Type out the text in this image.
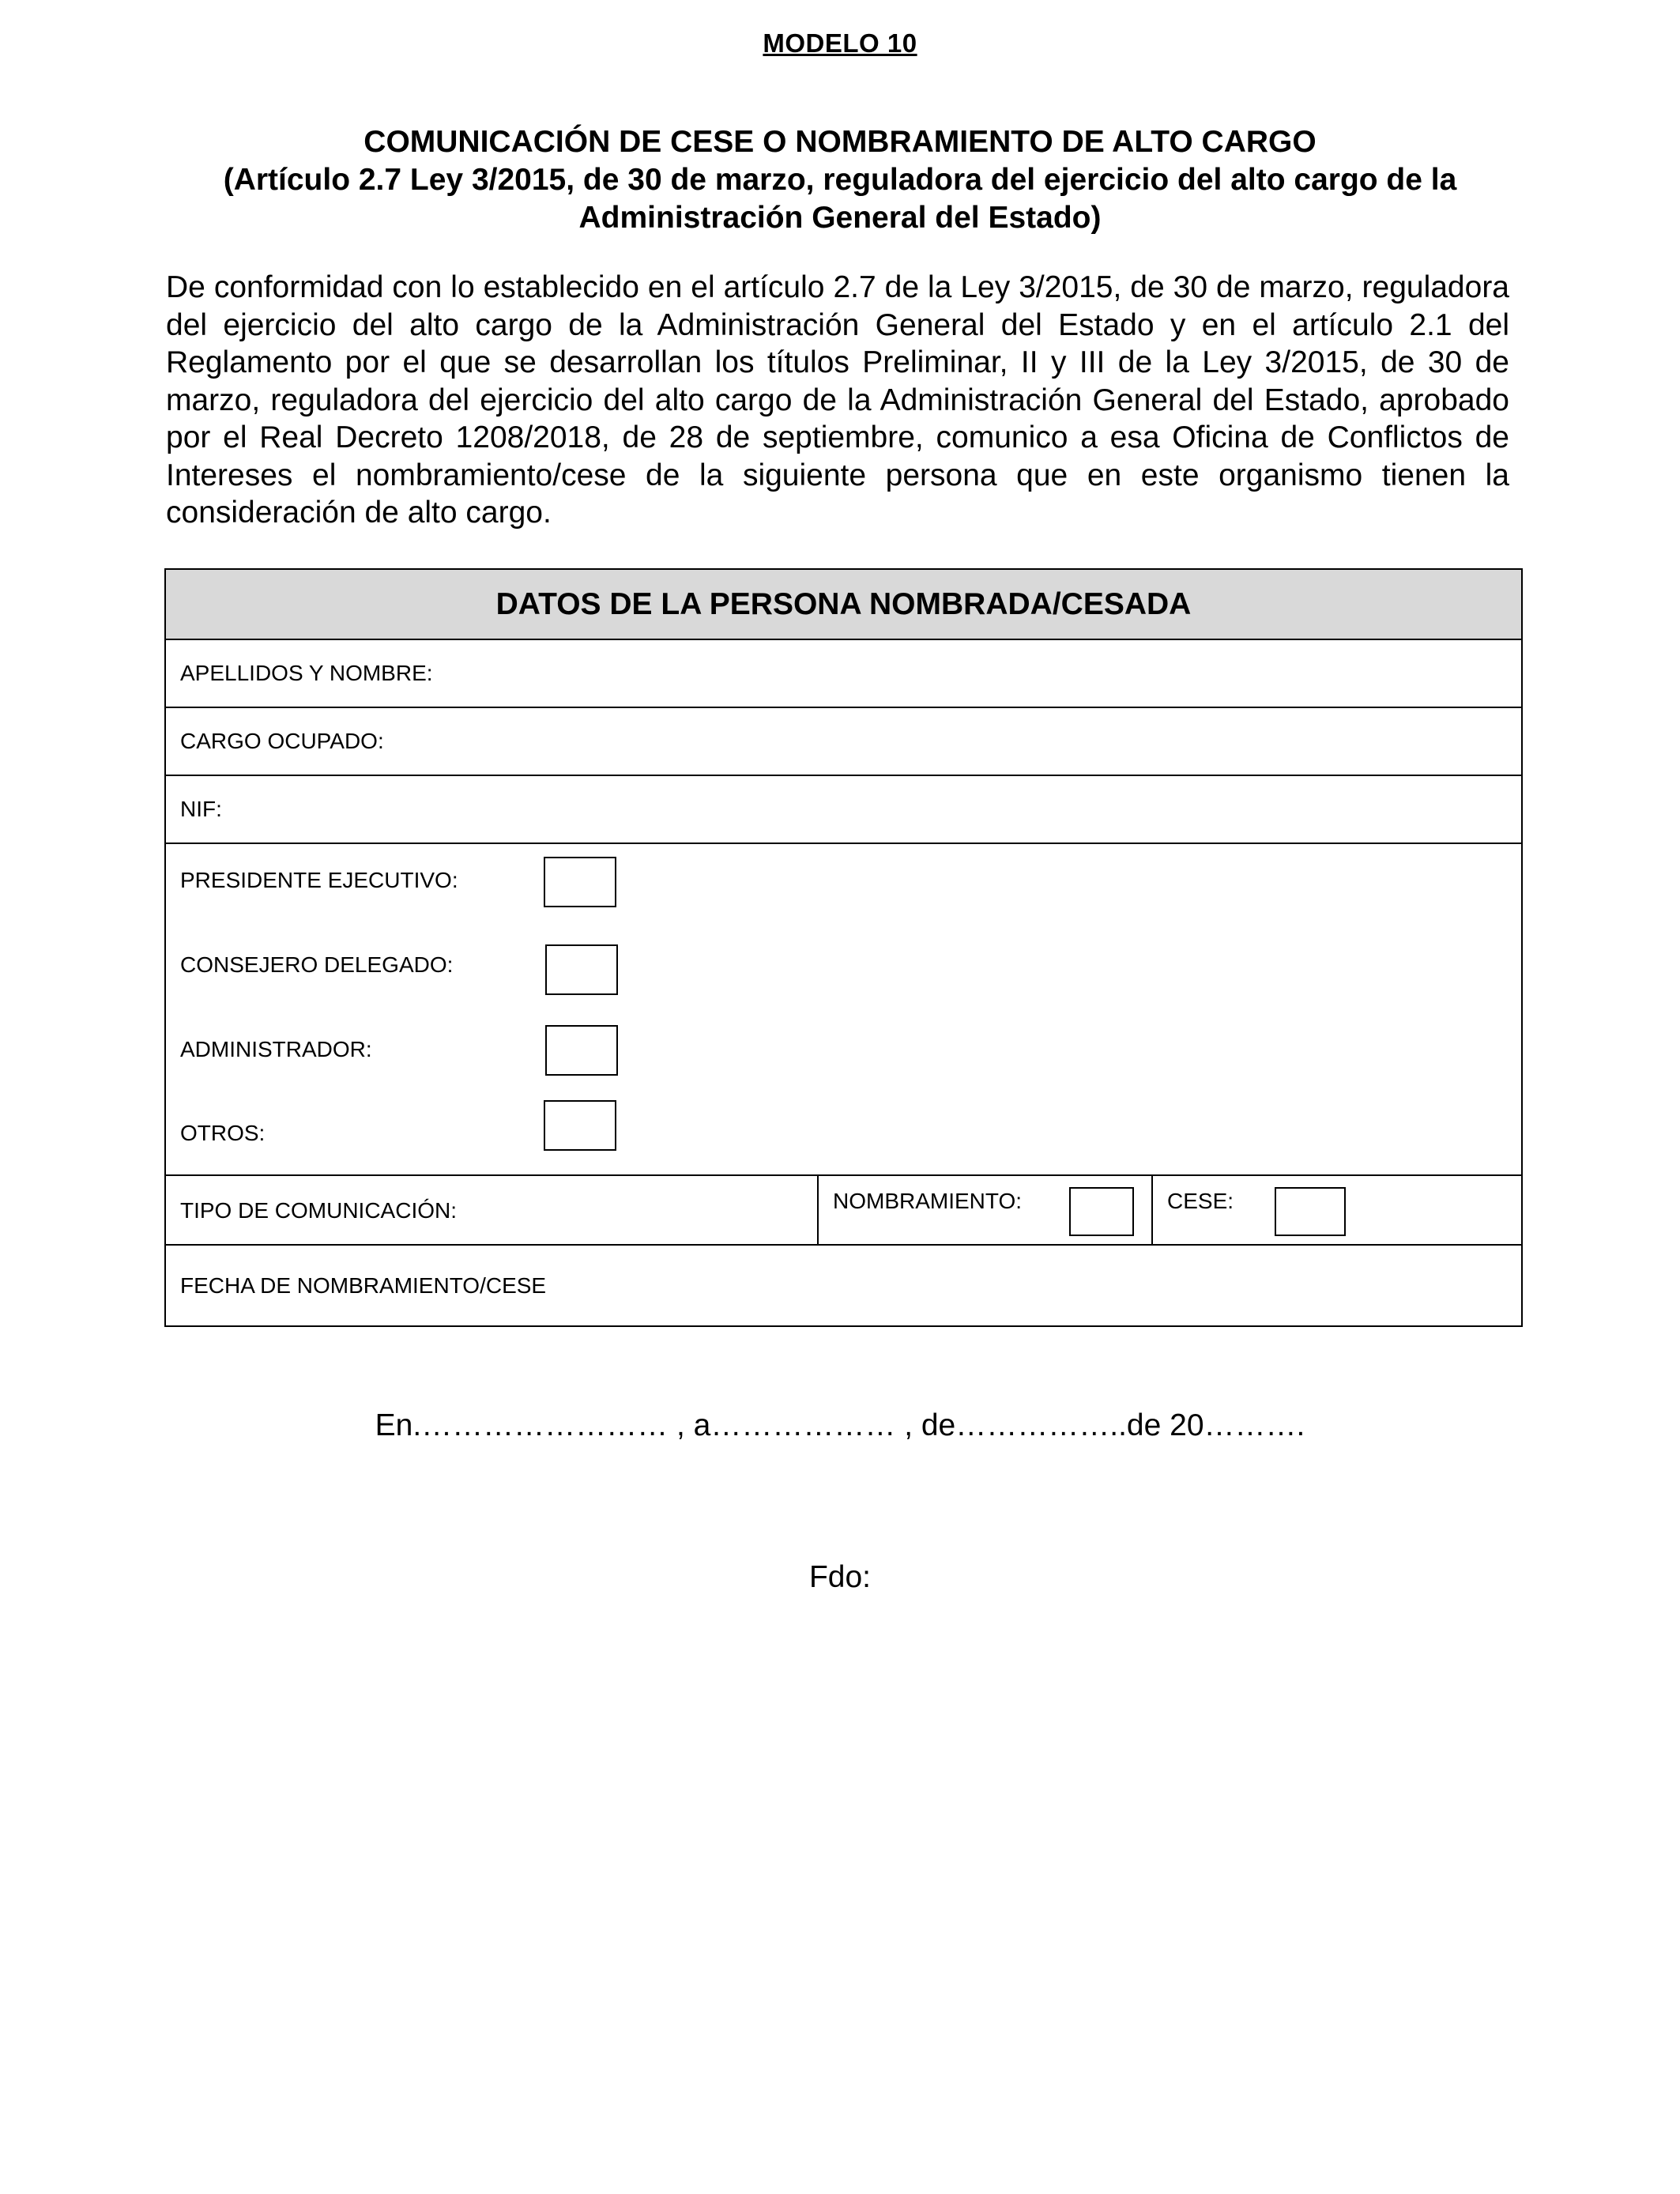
MODELO 10
COMUNICACIÓN DE CESE O NOMBRAMIENTO DE ALTO CARGO
(Artículo 2.7 Ley 3/2015, de 30 de marzo, reguladora del ejercicio del alto cargo de la
Administración General del Estado)
De conformidad con lo establecido en el artículo 2.7 de la Ley 3/2015, de 30 de marzo, reguladora del ejercicio del alto cargo de la Administración General del Estado y en el artículo 2.1 del Reglamento por el que se desarrollan los títulos Preliminar, II y III de la Ley 3/2015, de 30 de marzo, reguladora del ejercicio del alto cargo de la Administración General del Estado, aprobado por el Real Decreto 1208/2018, de 28 de septiembre, comunico a esa Oficina de Conflictos de Intereses el nombramiento/cese de la siguiente persona que en este organismo tienen la consideración de alto cargo.
DATOS DE LA PERSONA NOMBRADA/CESADA
APELLIDOS Y NOMBRE:
CARGO OCUPADO:
NIF:

PRESIDENTE EJECUTIVO:
CONSEJERO DELEGADO:
ADMINISTRADOR:
OTROS:

TIPO DE COMUNICACIÓN:	NOMBRAMIENTO:	CESE:

FECHA DE NOMBRAMIENTO/CESE
En.…………………… , a……………… , de……………..de 20……….
Fdo:
